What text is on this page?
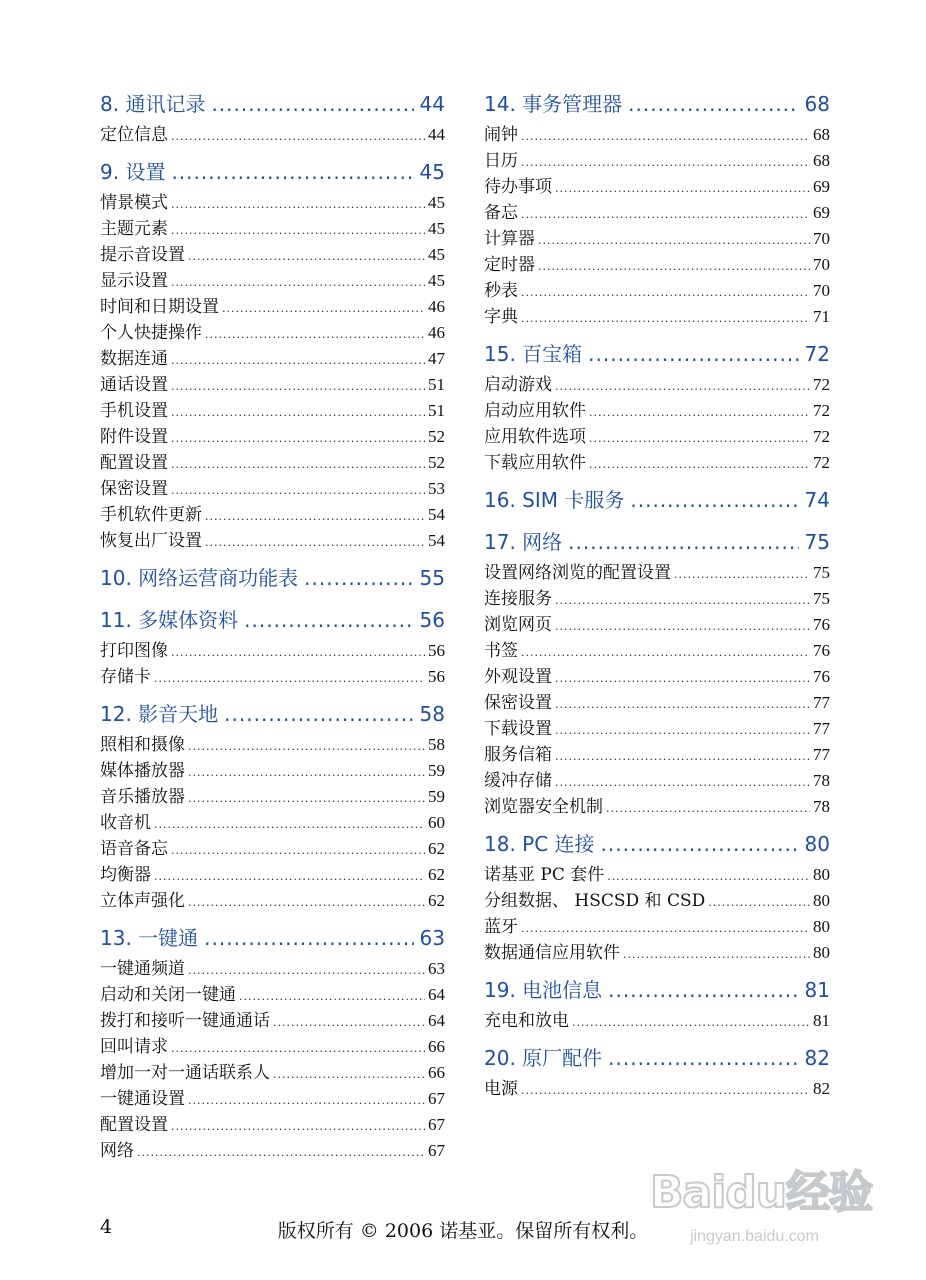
8. 通讯记录 .....	44
定位信息 .....	44
9. 设置 .....	45
情景模式 .....	45
主题元素 .....	45
提示音设置 .....	45
显示设置 .....	45
时间和日期设置 .....	46
个人快捷操作 .....	46
数据连通 .....	47
通话设置 .....	51
手机设置 .....	51
附件设置 .....	52
配置设置 .....	52
保密设置 .....	53
手机软件更新 .....	54
恢复出厂设置 .....	54
10. 网络运营商功能表 .....	55
11. 多媒体资料 .....	56
打印图像 .....	56
存储卡 .....	56
12. 影音天地 .....	58
照相和摄像 .....	58
媒体播放器 .....	59
音乐播放器 .....	59
收音机 .....	60
语音备忘 .....	62
均衡器 .....	62
立体声强化 .....	62
13. 一键通 .....	63
一键通频道 .....	63
启动和关闭一键通 .....	64
拨打和接听一键通通话 .....	64
回叫请求 .....	66
增加一对一通话联系人 .....	66
一键通设置 .....	67
配置设置 .....	67
网络 .....	67
14. 事务管理器 .....	68
闹钟 .....	68
日历 .....	68
待办事项 .....	69
备忘 .....	69
计算器 .....	70
定时器 .....	70
秒表 .....	70
字典 .....	71
15. 百宝箱 .....	72
启动游戏 .....	72
启动应用软件 .....	72
应用软件选项 .....	72
下载应用软件 .....	72
16. SIM 卡服务 .....	74
17. 网络 .....	75
设置网络浏览的配置设置 .....	75
连接服务 .....	75
浏览网页 .....	76
书签 .....	76
外观设置 .....	76
保密设置 .....	77
下载设置 .....	77
服务信箱 .....	77
缓冲存储 .....	78
浏览器安全机制 .....	78
18. PC 连接 .....	80
诺基亚 PC 套件 .....	80
分组数据、 HSCSD 和 CSD .....	80
蓝牙 .....	80
数据通信应用软件 .....	80
19. 电池信息 .....	81
充电和放电 .....	81
20. 原厂配件 .....	82
电源 .....	82
4	版权所有 © 2006 诺基亚。保留所有权利。
Baidu经验
jingyan.baidu.com
